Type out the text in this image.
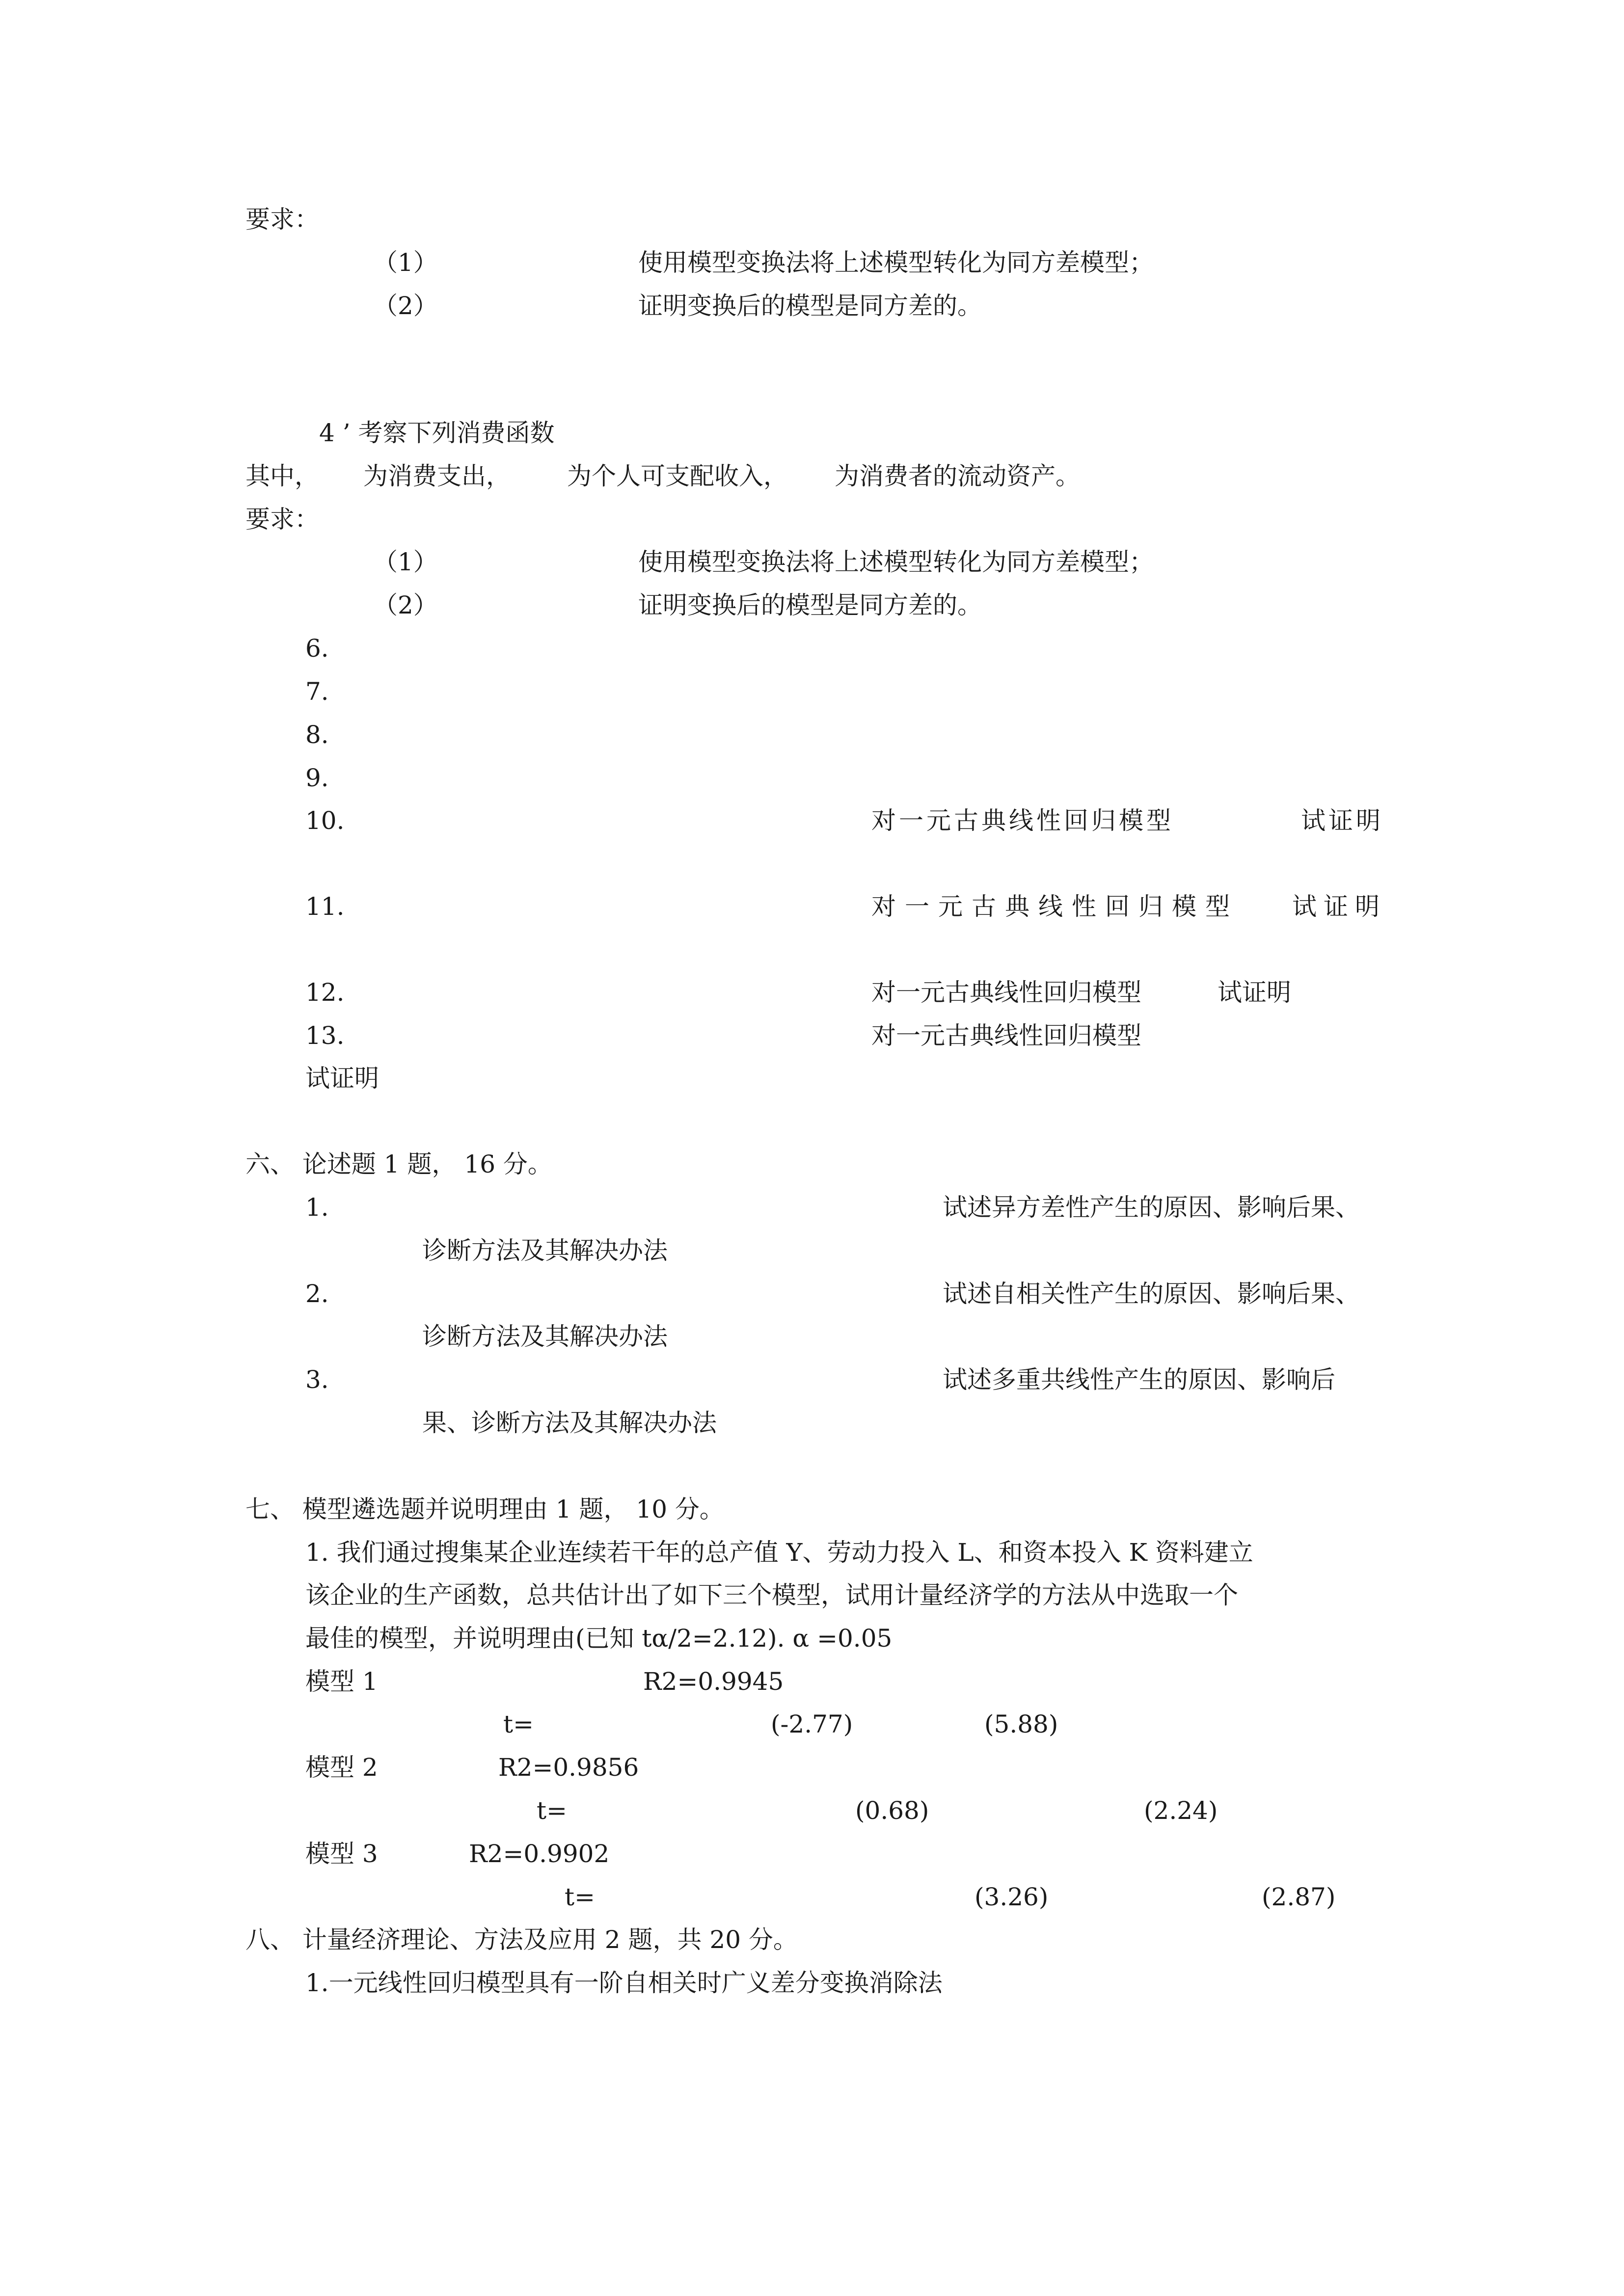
要求：
（1）	使用模型变换法将上述模型转化为同方差模型；
（2）	证明变换后的模型是同方差的。
4 ’ 考察下列消费函数
其中， 为消费支出， 为个人可支配收入， 为消费者的流动资产。
要求：
（1）	使用模型变换法将上述模型转化为同方差模型；
（2）	证明变换后的模型是同方差的。
6.
7.
8.
9.
10.	对一元古典线性回归模型	试证明
11.	对一元古典线性回归模型 试证明
12.	对一元古典线性回归模型	试证明
13.	对一元古典线性回归模型
试证明
六、 论述题 1 题， 16 分。
1.	试述异方差性产生的原因、影响后果、
诊断方法及其解决办法
2.	试述自相关性产生的原因、影响后果、
诊断方法及其解决办法
3.	试述多重共线性产生的原因、影响后
果、诊断方法及其解决办法
七、 模型遴选题并说明理由 1 题， 10 分。
1. 我们通过搜集某企业连续若干年的总产值 Y、劳动力投入 L、和资本投入 K 资料建立
该企业的生产函数，总共估计出了如下三个模型，试用计量经济学的方法从中选取一个
最佳的模型，并说明理由(已知 tα/2=2.12). α =0.05
模型 1	R2=0.9945
t=	(-2.77)	(5.88)
模型 2	R2=0.9856
t=	(0.68)	(2.24)
模型 3	R2=0.9902
t=	(3.26)	(2.87)
八、 计量经济理论、方法及应用 2 题，共 20 分。
1.一元线性回归模型具有一阶自相关时广义差分变换消除法
